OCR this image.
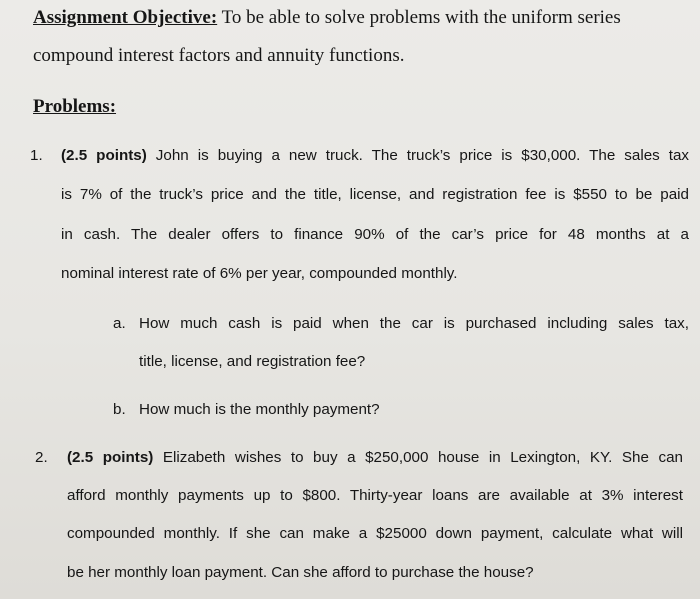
Assignment Objective: To be able to solve problems with the uniform series

compound interest factors and annuity functions.

Problems:

1. (2.5 points) John is buying a new truck. The truck’s price is $30,000. The sales tax

is 7% of the truck’s price and the title, license, and registration fee is $550 to be paid

in cash. The dealer offers to finance 90% of the car’s price for 48 months at a

nominal interest rate of 6% per year, compounded monthly.

a. How much cash is paid when the car is purchased including sales tax,

title, license, and registration fee?

b. How much is the monthly payment?

2. (2.5 points) Elizabeth wishes to buy a $250,000 house in Lexington, KY. She can

afford monthly payments up to $800. Thirty-year loans are available at 3% interest

compounded monthly. If she can make a $25000 down payment, calculate what will

be her monthly loan payment. Can she afford to purchase the house?
